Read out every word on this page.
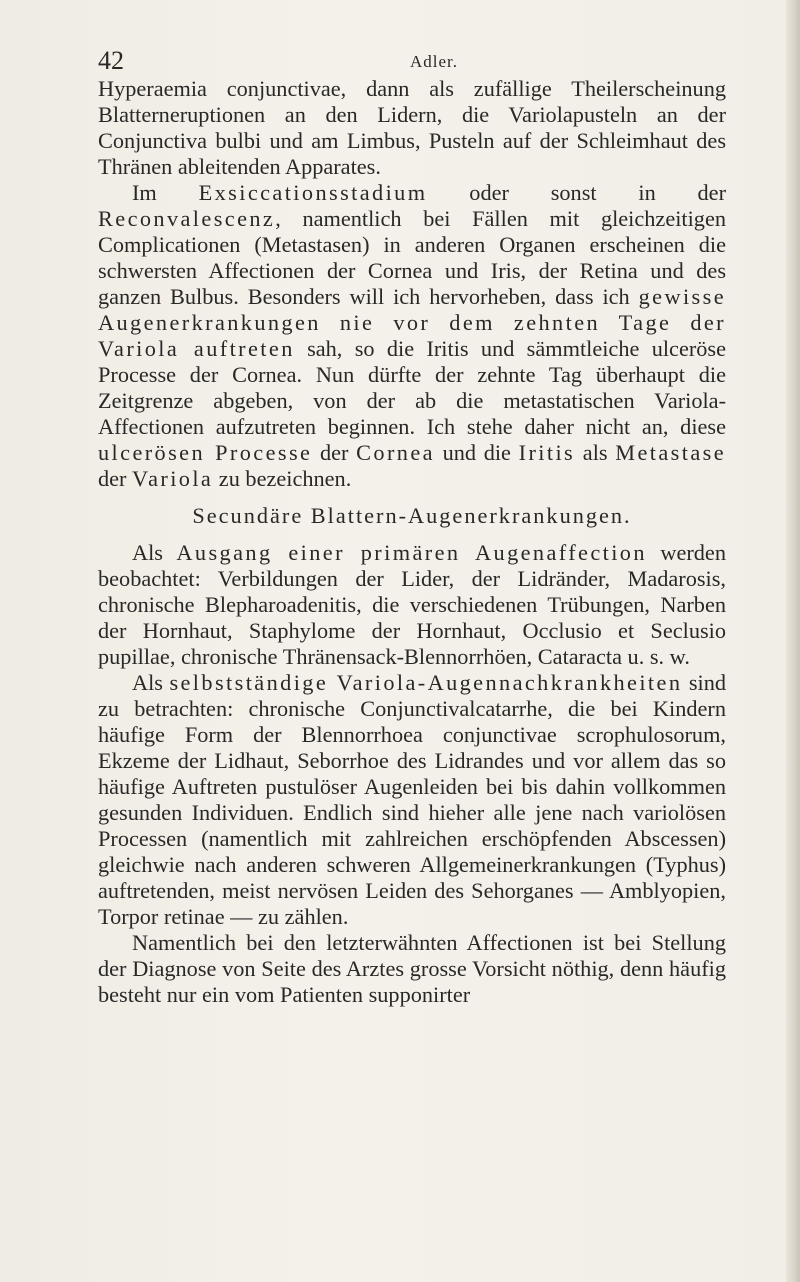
42	Adler.

Hyperaemia conjunctivae, dann als zufällige Theilerscheinung Blatterneruptionen an den Lidern, die Variolapusteln an der Conjunctiva bulbi und am Limbus, Pusteln auf der Schleimhaut des Thränen ableitenden Apparates.

Im Exsiccationsstadium oder sonst in der Reconvalescenz, namentlich bei Fällen mit gleichzeitigen Complicationen (Metastasen) in anderen Organen erscheinen die schwersten Affectionen der Cornea und Iris, der Retina und des ganzen Bulbus. Besonders will ich hervorheben, dass ich gewisse Augenerkrankungen nie vor dem zehnten Tage der Variola auftreten sah, so die Iritis und sämmtleiche ulceröse Processe der Cornea. Nun dürfte der zehnte Tag überhaupt die Zeitgrenze abgeben, von der ab die metastatischen Variola-Affectionen aufzutreten beginnen. Ich stehe daher nicht an, diese ulcerösen Processe der Cornea und die Iritis als Metastase der Variola zu bezeichnen.

Secundäre Blattern-Augenerkrankungen.

Als Ausgang einer primären Augenaffection werden beobachtet: Verbildungen der Lider, der Lidränder, Madarosis, chronische Blepharoadenitis, die verschiedenen Trübungen, Narben der Hornhaut, Staphylome der Hornhaut, Occlusio et Seclusio pupillae, chronische Thränensack-Blennorrhöen, Cataracta u. s. w.

Als selbstständige Variola-Augennachkrankheiten sind zu betrachten: chronische Conjunctivalcatarrhe, die bei Kindern häufige Form der Blennorrhoea conjunctivae scrophulosorum, Ekzeme der Lidhaut, Seborrhoe des Lidrandes und vor allem das so häufige Auftreten pustulöser Augenleiden bei bis dahin vollkommen gesunden Individuen. Endlich sind hieher alle jene nach variolösen Processen (namentlich mit zahlreichen erschöpfenden Abscessen) gleichwie nach anderen schweren Allgemeinerkrankungen (Typhus) auftretenden, meist nervösen Leiden des Sehorganes — Amblyopien, Torpor retinae — zu zählen.

Namentlich bei den letzterwähnten Affectionen ist bei Stellung der Diagnose von Seite des Arztes grosse Vorsicht nöthig, denn häufig besteht nur ein vom Patienten supponirter
